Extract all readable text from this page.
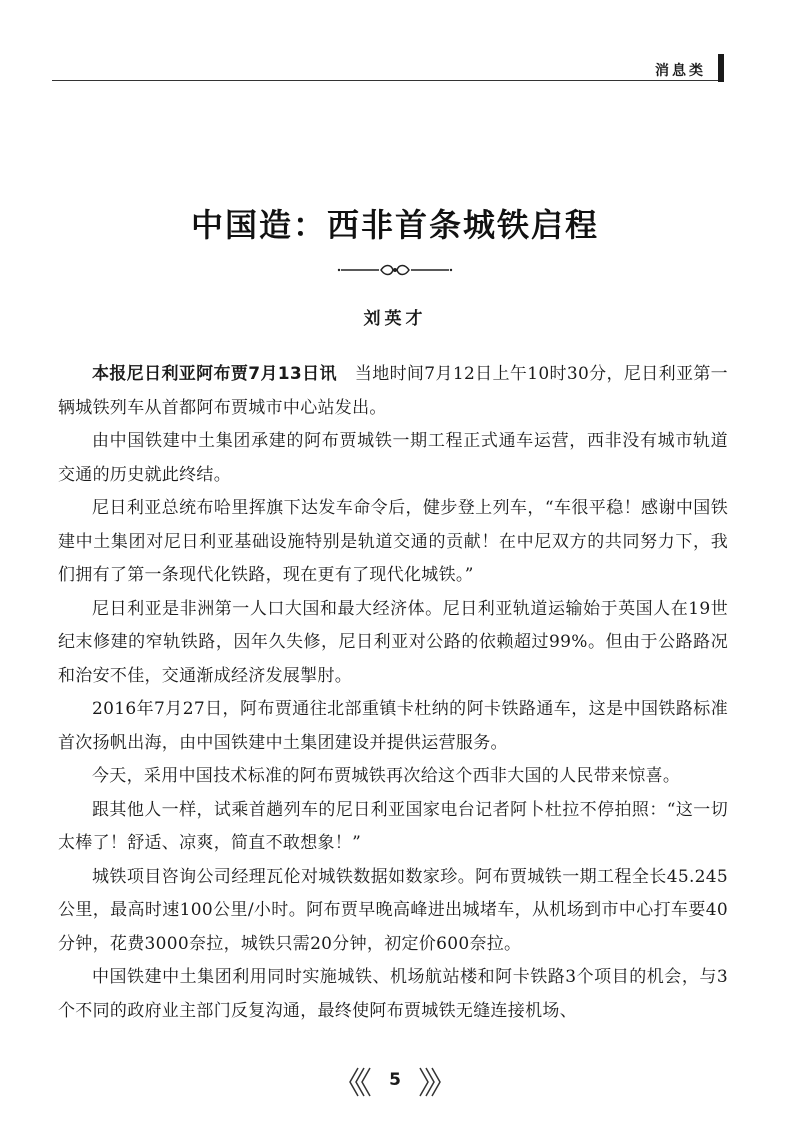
消息类
中国造：西非首条城铁启程
刘英才

本报尼日利亚阿布贾7月13日讯 当地时间7月12日上午10时30分，尼日利亚第一辆城铁列车从首都阿布贾城市中心站发出。

由中国铁建中土集团承建的阿布贾城铁一期工程正式通车运营，西非没有城市轨道交通的历史就此终结。

尼日利亚总统布哈里挥旗下达发车命令后，健步登上列车，“车很平稳！感谢中国铁建中土集团对尼日利亚基础设施特别是轨道交通的贡献！在中尼双方的共同努力下，我们拥有了第一条现代化铁路，现在更有了现代化城铁。”

尼日利亚是非洲第一人口大国和最大经济体。尼日利亚轨道运输始于英国人在19世纪末修建的窄轨铁路，因年久失修，尼日利亚对公路的依赖超过99%。但由于公路路况和治安不佳，交通渐成经济发展掣肘。

2016年7月27日，阿布贾通往北部重镇卡杜纳的阿卡铁路通车，这是中国铁路标准首次扬帆出海，由中国铁建中土集团建设并提供运营服务。

今天，采用中国技术标准的阿布贾城铁再次给这个西非大国的人民带来惊喜。

跟其他人一样，试乘首趟列车的尼日利亚国家电台记者阿卜杜拉不停拍照：“这一切太棒了！舒适、凉爽，简直不敢想象！”

城铁项目咨询公司经理瓦伦对城铁数据如数家珍。阿布贾城铁一期工程全长45.245公里，最高时速100公里/小时。阿布贾早晚高峰进出城堵车，从机场到市中心打车要40分钟，花费3000奈拉，城铁只需20分钟，初定价600奈拉。

中国铁建中土集团利用同时实施城铁、机场航站楼和阿卡铁路3个项目的机会，与3个不同的政府业主部门反复沟通，最终使阿布贾城铁无缝连接机场、

5
